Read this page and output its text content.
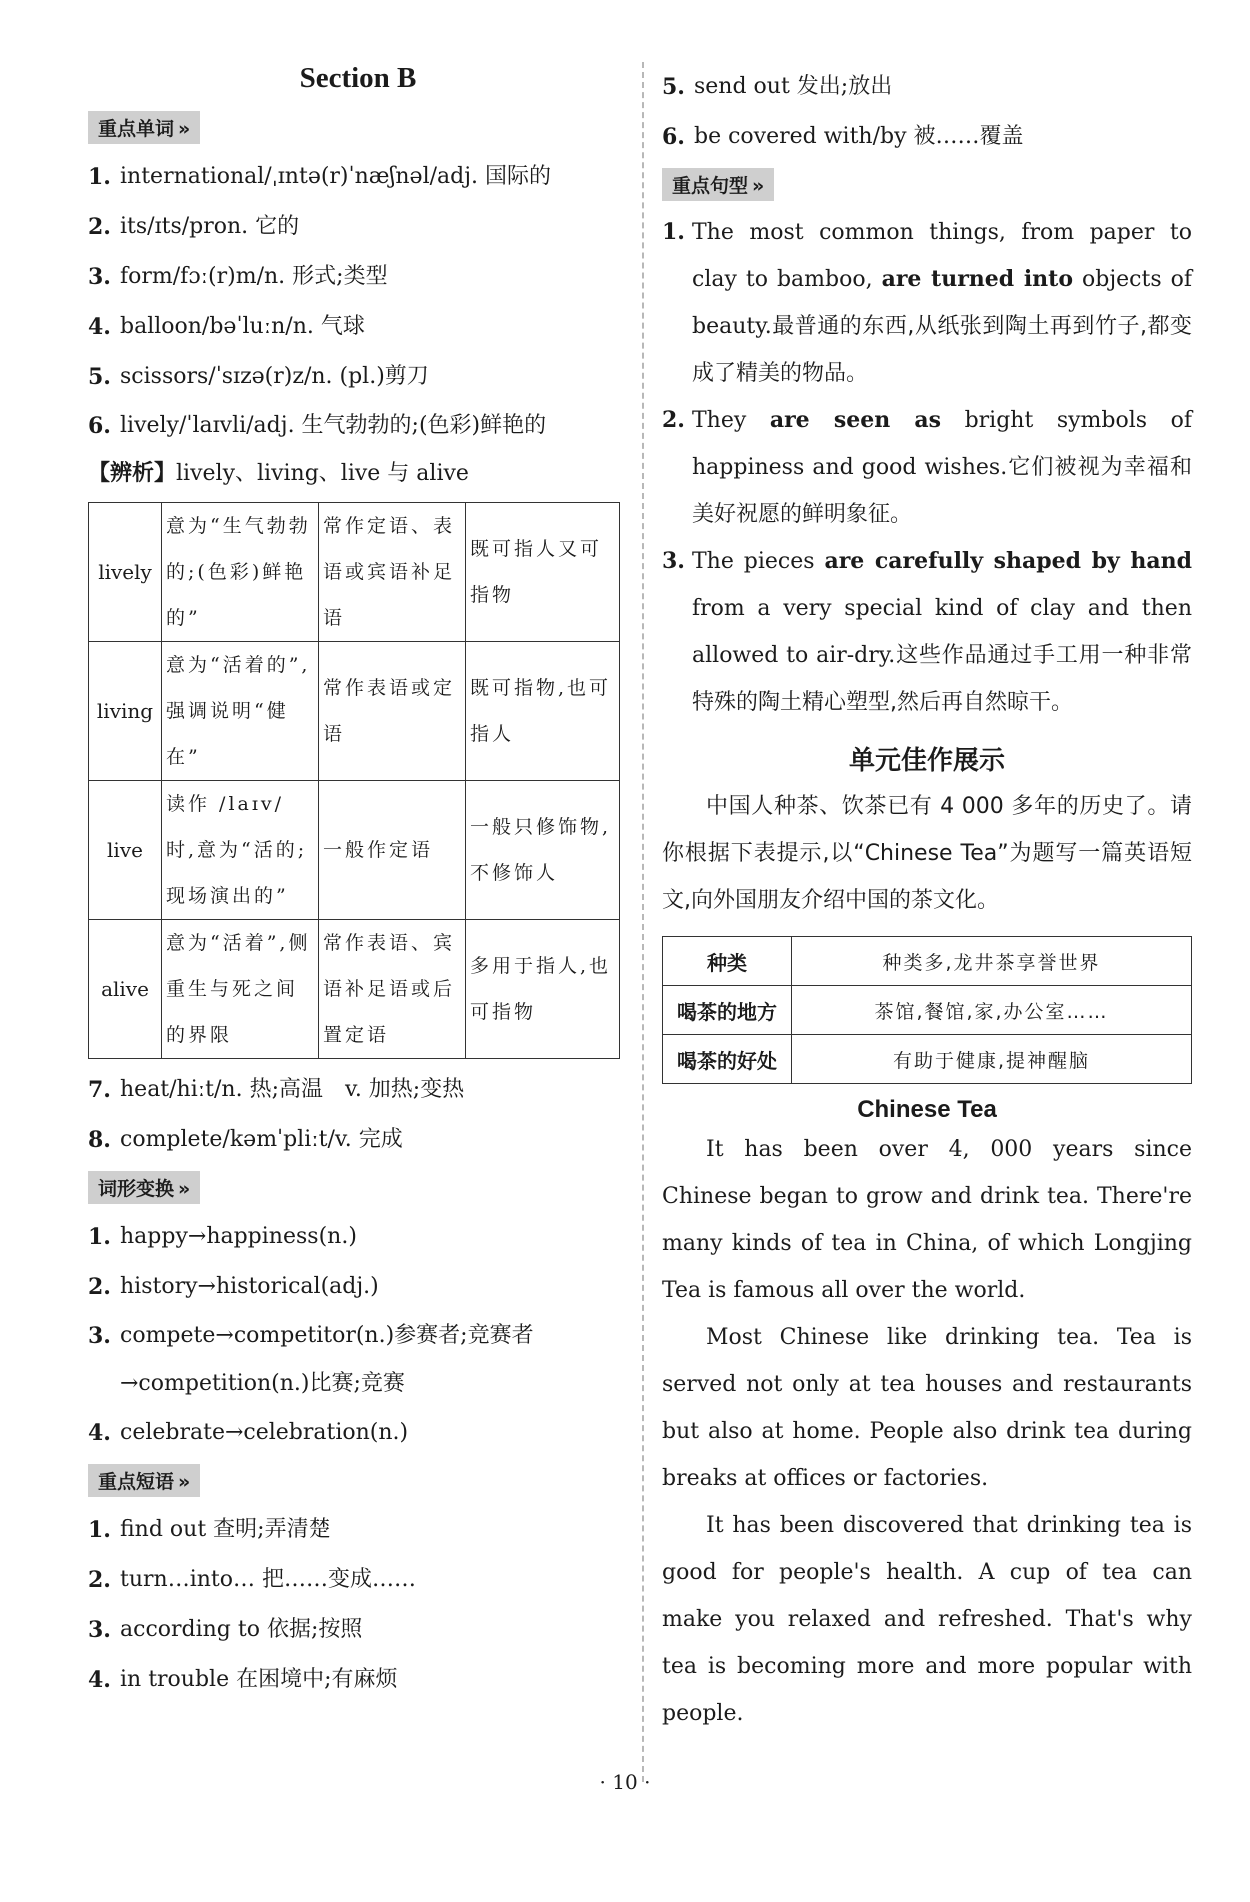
Section B
重点单词 »
1. international/ˌɪntə(r)ˈnæʃnəl/adj. 国际的
2. its/ɪts/pron. 它的
3. form/fɔː(r)m/n. 形式;类型
4. balloon/bəˈluːn/n. 气球
5. scissors/ˈsɪzə(r)z/n. (pl.)剪刀
6. lively/ˈlaɪvli/adj. 生气勃勃的;(色彩)鲜艳的
【辨析】lively、living、live 与 alive
lively	意为“生气勃勃的;(色彩)鲜艳的”	常作定语、表语或宾语补足语	既可指人又可指物
living	意为“活着的”,强调说明“健在”	常作表语或定语	既可指物,也可指人
live	读作 /laɪv/时,意为“活的;现场演出的”	一般作定语	一般只修饰物,不修饰人
alive	意为“活着”,侧重生与死之间的界限	常作表语、宾语补足语或后置定语	多用于指人,也可指物
7. heat/hiːt/n. 热;高温　v. 加热;变热
8. complete/kəmˈpliːt/v. 完成
词形变换 »
1. happy→happiness(n.)
2. history→historical(adj.)
3. compete→competitor(n.)参赛者;竞赛者→competition(n.)比赛;竞赛
4. celebrate→celebration(n.)
重点短语 »
1. find out 查明;弄清楚
2. turn…into… 把……变成……
3. according to 依据;按照
4. in trouble 在困境中;有麻烦
5. send out 发出;放出
6. be covered with/by 被……覆盖
重点句型 »
1. The most common things, from paper to clay to bamboo, are turned into objects of beauty.最普通的东西,从纸张到陶土再到竹子,都变成了精美的物品。
2. They are seen as bright symbols of happiness and good wishes.它们被视为幸福和美好祝愿的鲜明象征。
3. The pieces are carefully shaped by hand from a very special kind of clay and then allowed to air-dry.这些作品通过手工用一种非常特殊的陶土精心塑型,然后再自然晾干。
单元佳作展示
中国人种茶、饮茶已有 4 000 多年的历史了。请你根据下表提示,以“Chinese Tea”为题写一篇英语短文,向外国朋友介绍中国的茶文化。
种类	种类多,龙井茶享誉世界
喝茶的地方	茶馆,餐馆,家,办公室……
喝茶的好处	有助于健康,提神醒脑
Chinese Tea

It has been over 4, 000 years since Chinese began to grow and drink tea. There're many kinds of tea in China, of which Longjing Tea is famous all over the world.

Most Chinese like drinking tea. Tea is served not only at tea houses and restaurants but also at home. People also drink tea during breaks at offices or factories.

It has been discovered that drinking tea is good for people's health. A cup of tea can make you relaxed and refreshed. That's why tea is becoming more and more popular with people.

· 10 ·
